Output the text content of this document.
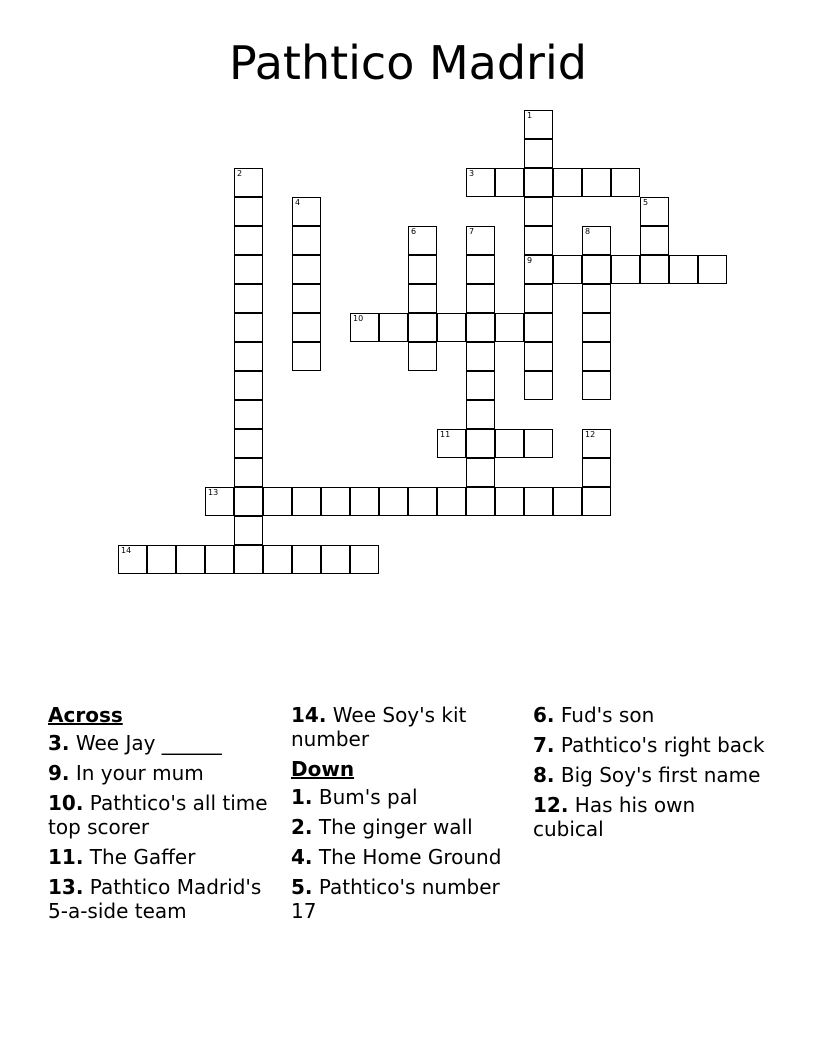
Pathtico Madrid
1
9
2	3
4	5
6	7	8
10
11	12
13
14
Across
3. Wee Jay ______
9. In your mum
10. Pathtico's all time top scorer
11. The Gaffer
13. Pathtico Madrid's 5-a-side team
14. Wee Soy's kit number
Down
1. Bum's pal
2. The ginger wall
4. The Home Ground
5. Pathtico's number 17
6. Fud's son
7. Pathtico's right back
8. Big Soy's first name
12. Has his own cubical
